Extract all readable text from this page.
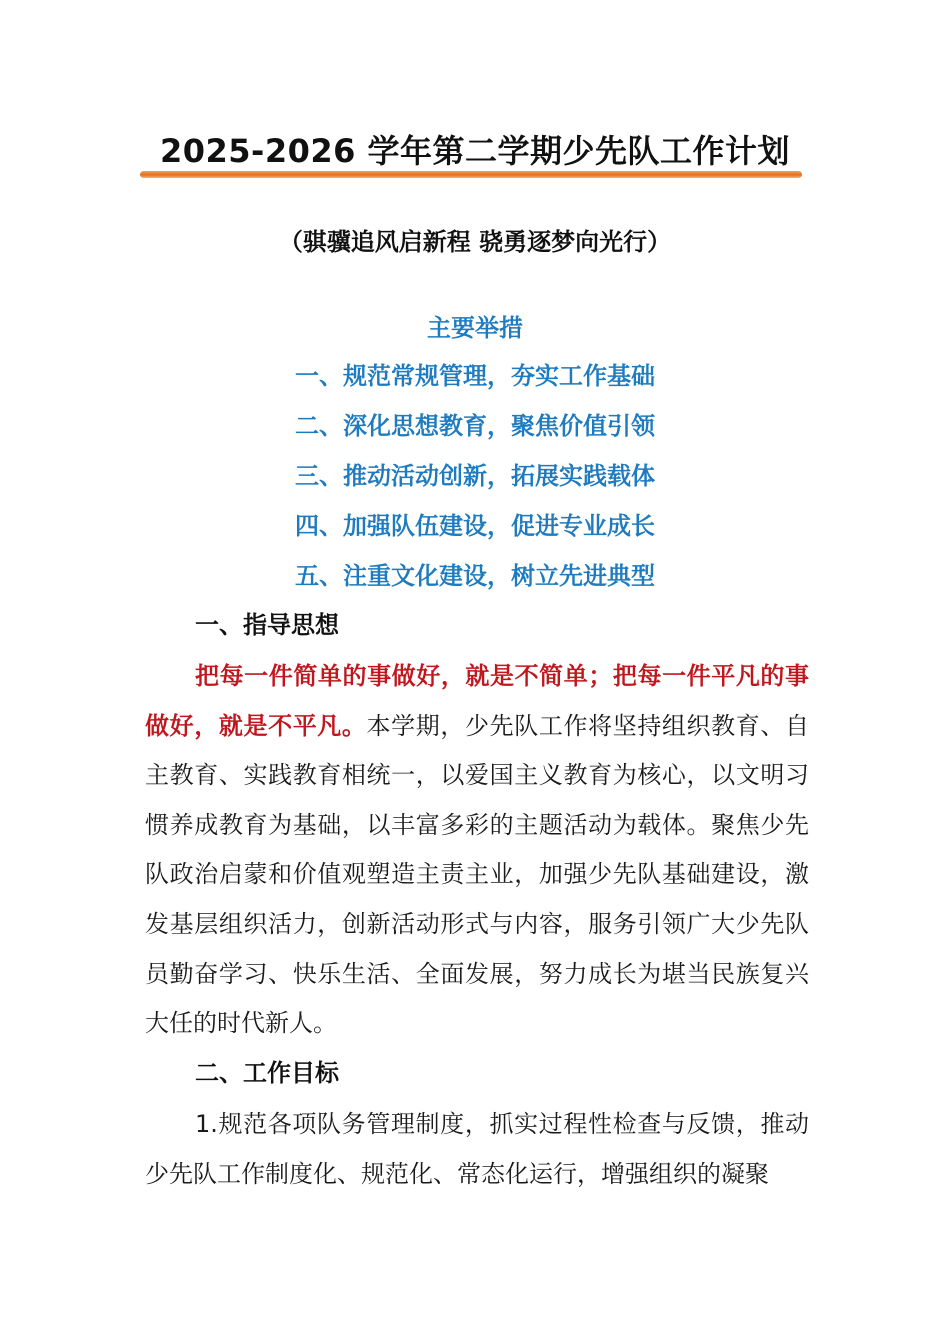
2025-2026 学年第二学期少先队工作计划
（骐骥追风启新程 骁勇逐梦向光行）
主要举措
一、规范常规管理，夯实工作基础
二、深化思想教育，聚焦价值引领
三、推动活动创新，拓展实践载体
四、加强队伍建设，促进专业成长
五、注重文化建设，树立先进典型
一、指导思想
把每一件简单的事做好，就是不简单；把每一件平凡的事做好，就是不平凡。本学期，少先队工作将坚持组织教育、自主教育、实践教育相统一，以爱国主义教育为核心，以文明习惯养成教育为基础，以丰富多彩的主题活动为载体。聚焦少先队政治启蒙和价值观塑造主责主业，加强少先队基础建设，激发基层组织活力，创新活动形式与内容，服务引领广大少先队员勤奋学习、快乐生活、全面发展，努力成长为堪当民族复兴大任的时代新人。
二、工作目标
1.规范各项队务管理制度，抓实过程性检查与反馈，推动少先队工作制度化、规范化、常态化运行，增强组织的凝聚
